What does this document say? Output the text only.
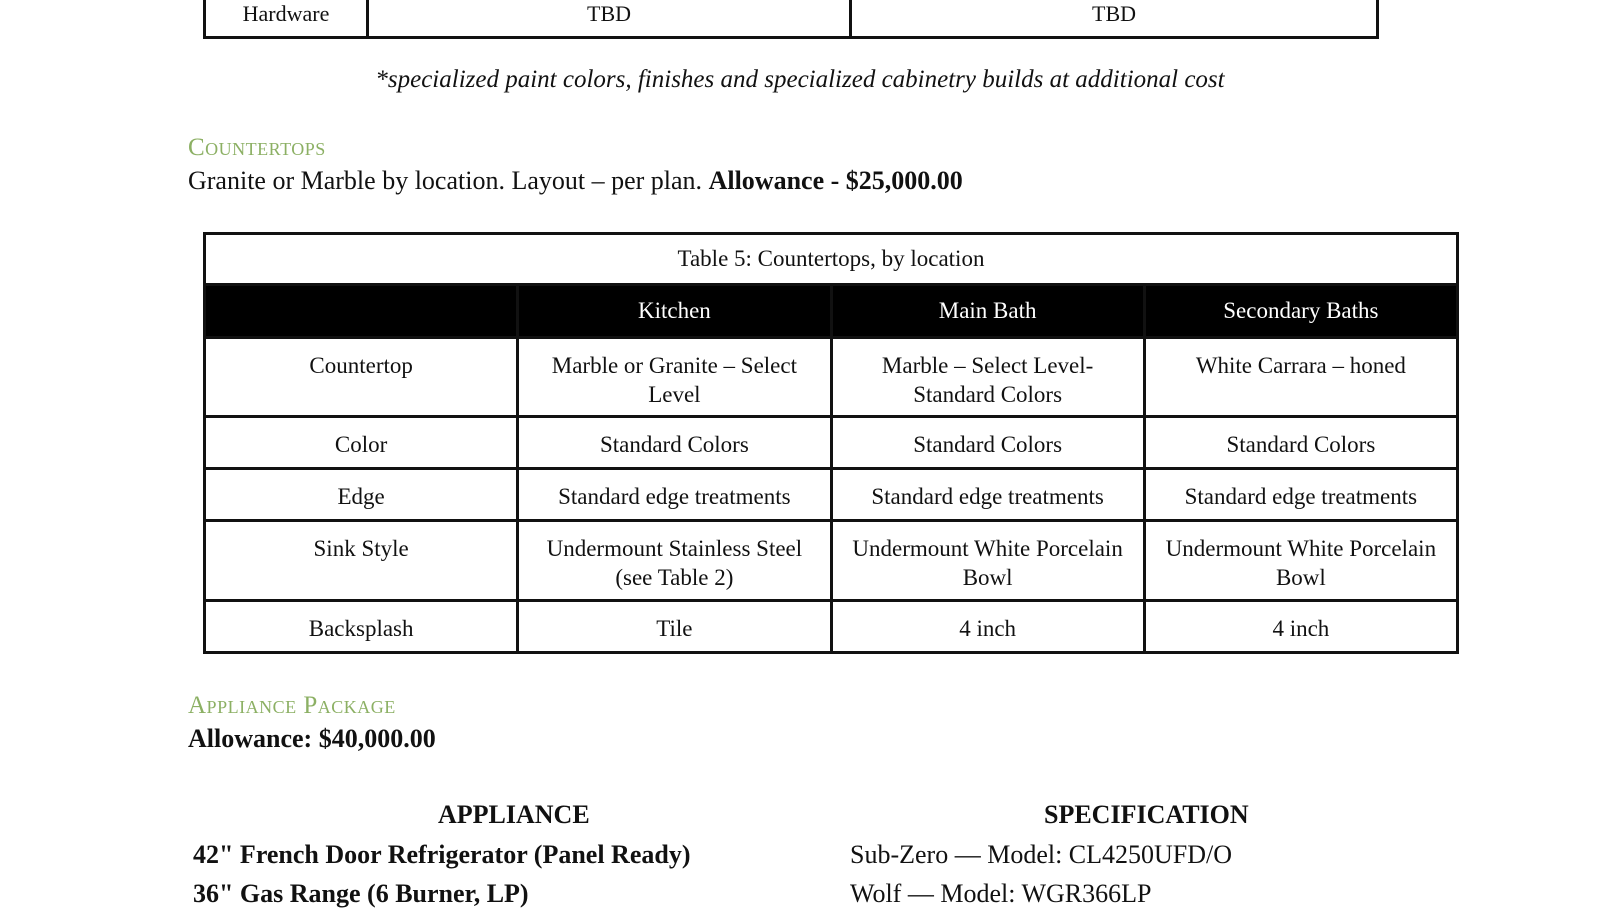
Hardware	TBD	TBD
*specialized paint colors, finishes and specialized cabinetry builds at additional cost
Countertops
Granite or Marble by location. Layout – per plan. Allowance - $25,000.00
Table 5: Countertops, by location			
	Kitchen	Main Bath	Secondary Baths
Countertop	Marble or Granite – Select Level	Marble – Select Level-Standard Colors	White Carrara – honed
Color	Standard Colors	Standard Colors	Standard Colors
Edge	Standard edge treatments	Standard edge treatments	Standard edge treatments
Sink Style	Undermount Stainless Steel (see Table 2)	Undermount White Porcelain Bowl	Undermount White Porcelain Bowl
Backsplash	Tile	4 inch	4 inch
Appliance Package
Allowance: $40,000.00
APPLIANCE	SPECIFICATION
42" French Door Refrigerator (Panel Ready)	Sub-Zero — Model: CL4250UFD/O
36" Gas Range (6 Burner, LP)	Wolf — Model: WGR366LP
